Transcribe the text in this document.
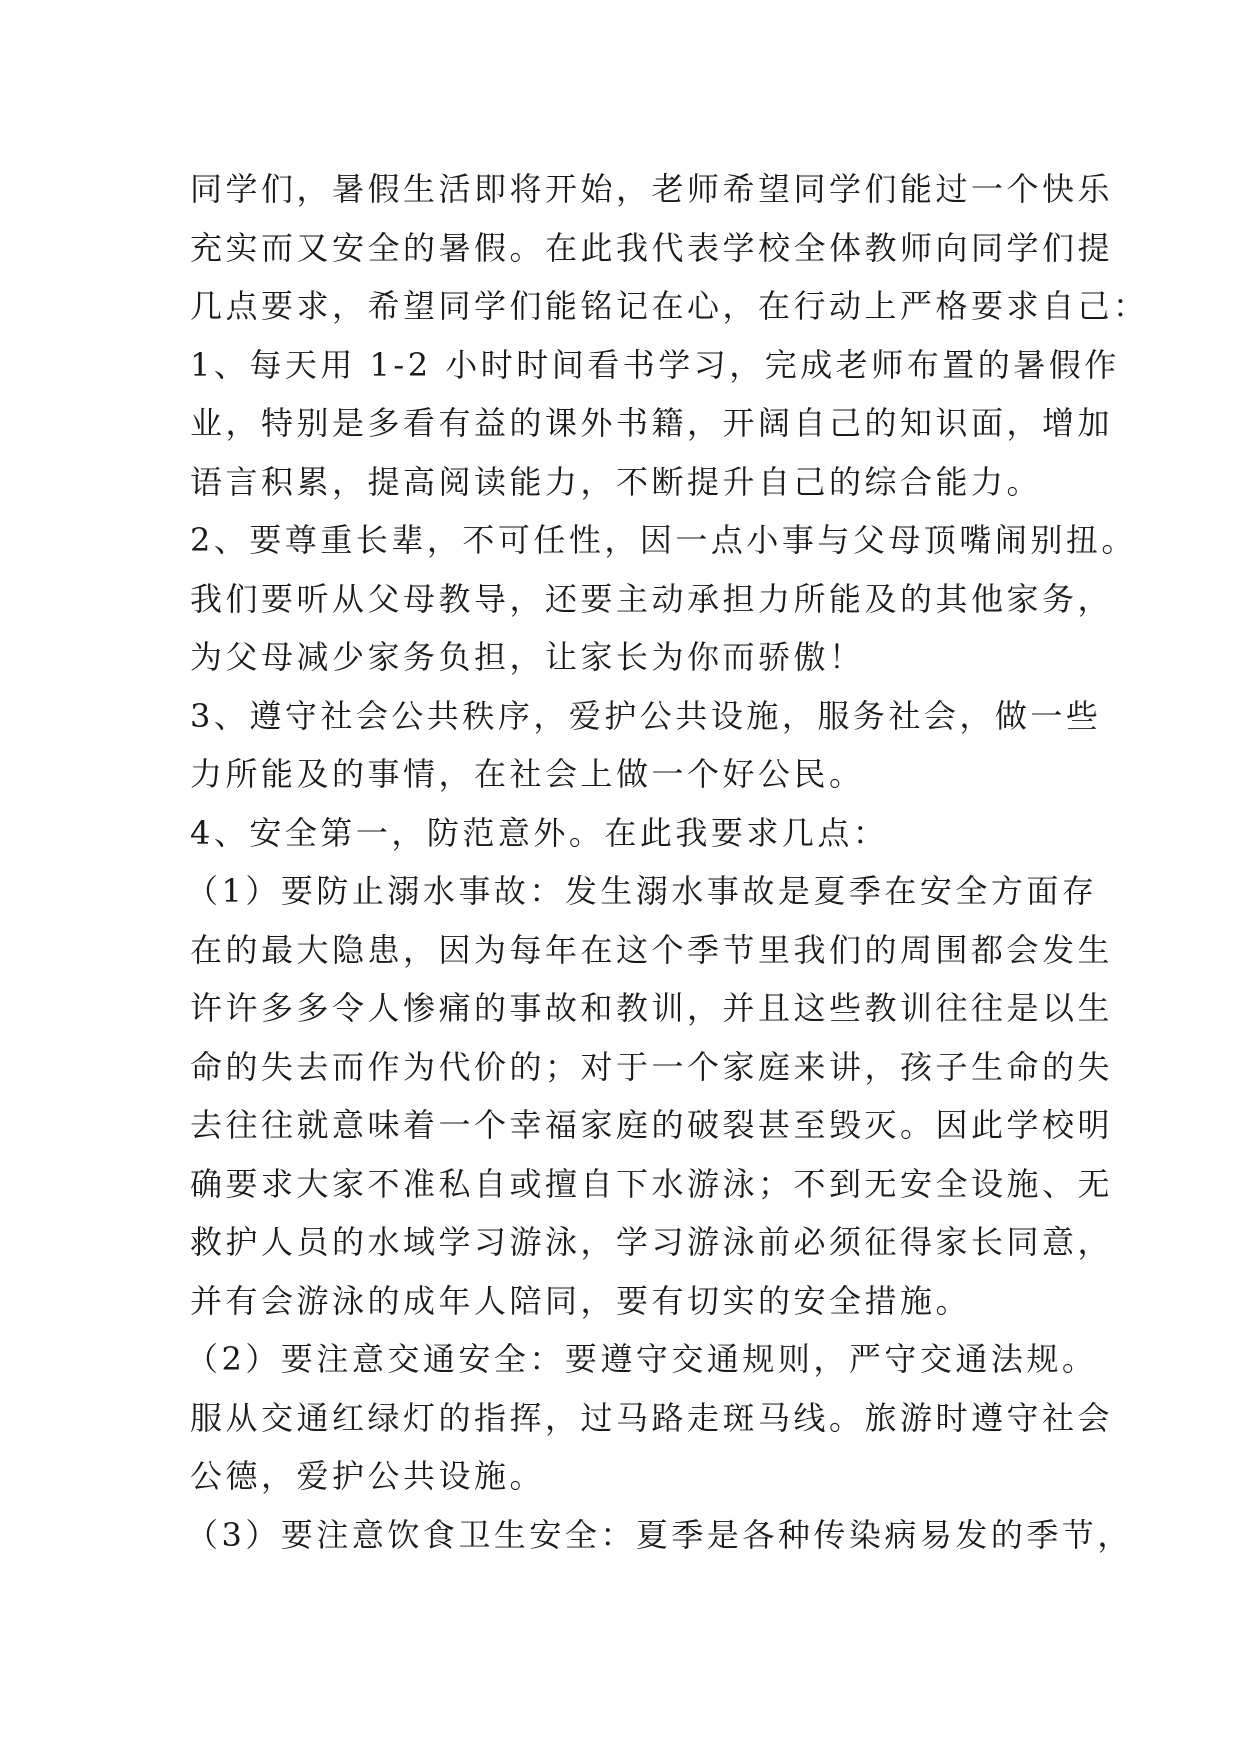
同学们，暑假生活即将开始，老师希望同学们能过一个快乐
充实而又安全的暑假。在此我代表学校全体教师向同学们提
几点要求，希望同学们能铭记在心，在行动上严格要求自己：
1、每天用 1-2 小时时间看书学习，完成老师布置的暑假作
业，特别是多看有益的课外书籍，开阔自己的知识面，增加
语言积累，提高阅读能力，不断提升自己的综合能力。
2、要尊重长辈，不可任性，因一点小事与父母顶嘴闹别扭。
我们要听从父母教导，还要主动承担力所能及的其他家务，
为父母减少家务负担，让家长为你而骄傲！
3、遵守社会公共秩序，爱护公共设施，服务社会，做一些
力所能及的事情，在社会上做一个好公民。
4、安全第一，防范意外。在此我要求几点：
（1）要防止溺水事故：发生溺水事故是夏季在安全方面存
在的最大隐患，因为每年在这个季节里我们的周围都会发生
许许多多令人惨痛的事故和教训，并且这些教训往往是以生
命的失去而作为代价的；对于一个家庭来讲，孩子生命的失
去往往就意味着一个幸福家庭的破裂甚至毁灭。因此学校明
确要求大家不准私自或擅自下水游泳；不到无安全设施、无
救护人员的水域学习游泳，学习游泳前必须征得家长同意，
并有会游泳的成年人陪同，要有切实的安全措施。
（2）要注意交通安全：要遵守交通规则，严守交通法规。
服从交通红绿灯的指挥，过马路走斑马线。旅游时遵守社会
公德，爱护公共设施。
（3）要注意饮食卫生安全：夏季是各种传染病易发的季节，
